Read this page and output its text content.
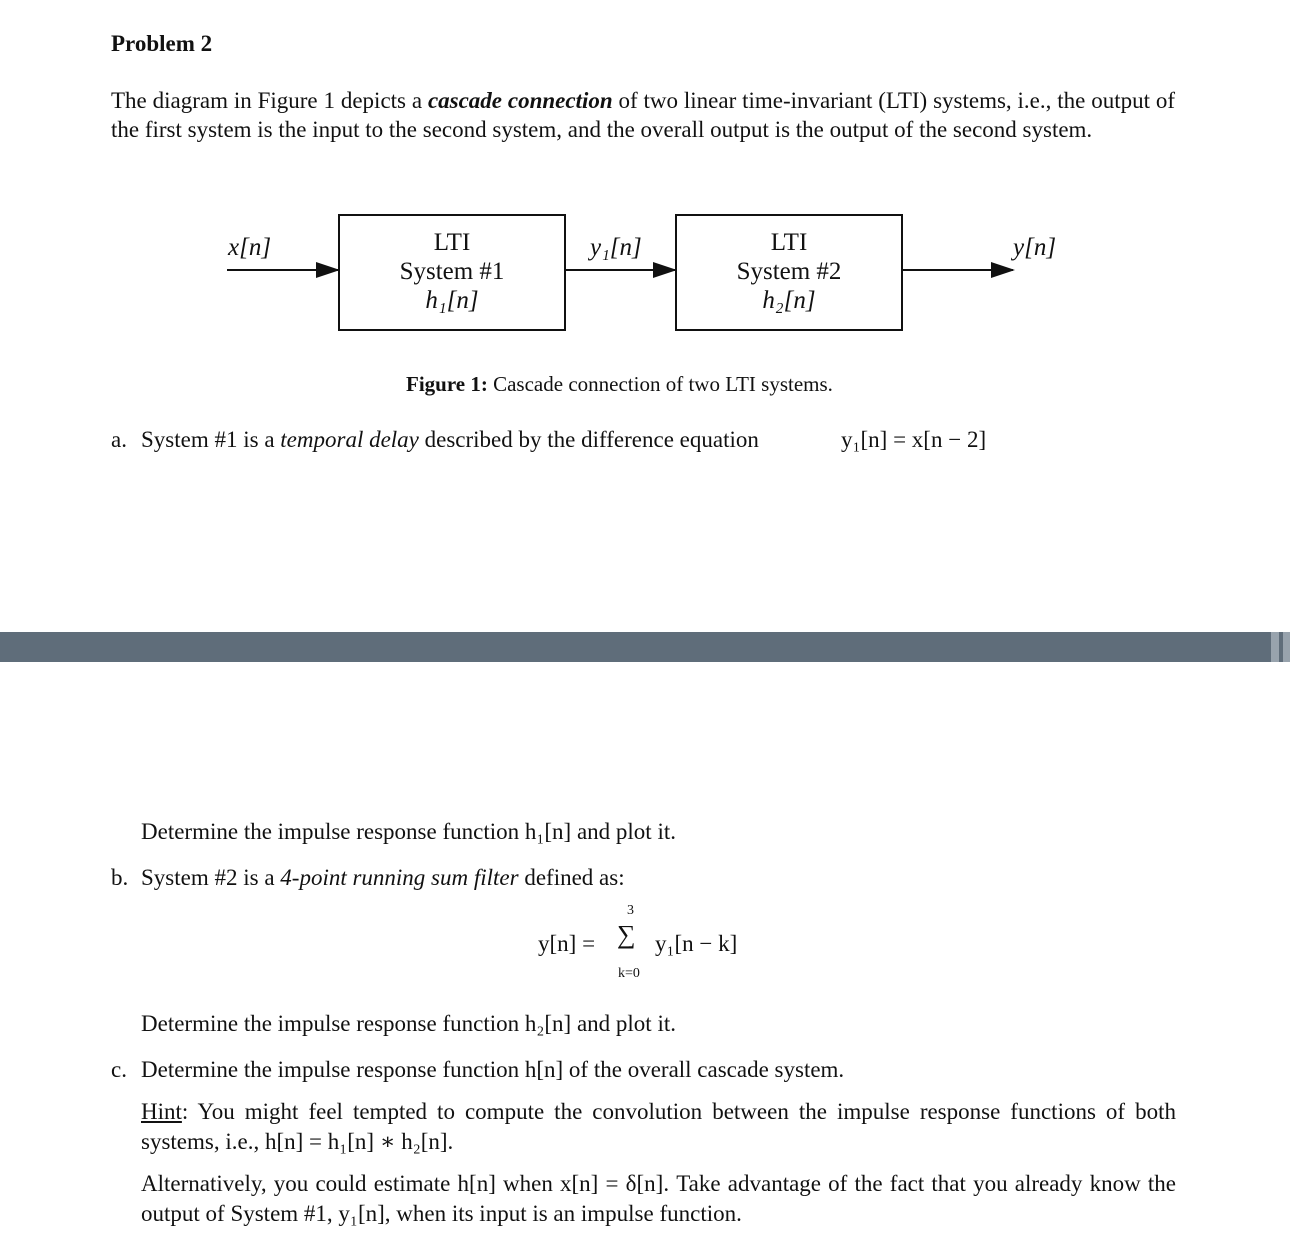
Problem 2
The diagram in Figure 1 depicts a cascade connection of two linear time-invariant (LTI) systems, i.e., the output of the first system is the input to the second system, and the overall output is the output of the second system.
x[n]	y₁[n]	y[n]
LTI
System #1
h₁[n]
LTI
System #2
h₂[n]
Figure 1: Cascade connection of two LTI systems.
a. System #1 is a temporal delay described by the difference equation	y₁[n] = x[n − 2]
Determine the impulse response function h₁[n] and plot it.
b. System #2 is a 4-point running sum filter defined as:
y[n] =
3
∑
k=0
y₁[n − k]
Determine the impulse response function h₂[n] and plot it.
c. Determine the impulse response function h[n] of the overall cascade system.
Hint: You might feel tempted to compute the convolution between the impulse response functions of both systems, i.e., h[n] = h₁[n] ∗ h₂[n].
Alternatively, you could estimate h[n] when x[n] = δ[n]. Take advantage of the fact that you already know the output of System #1, y₁[n], when its input is an impulse function.
